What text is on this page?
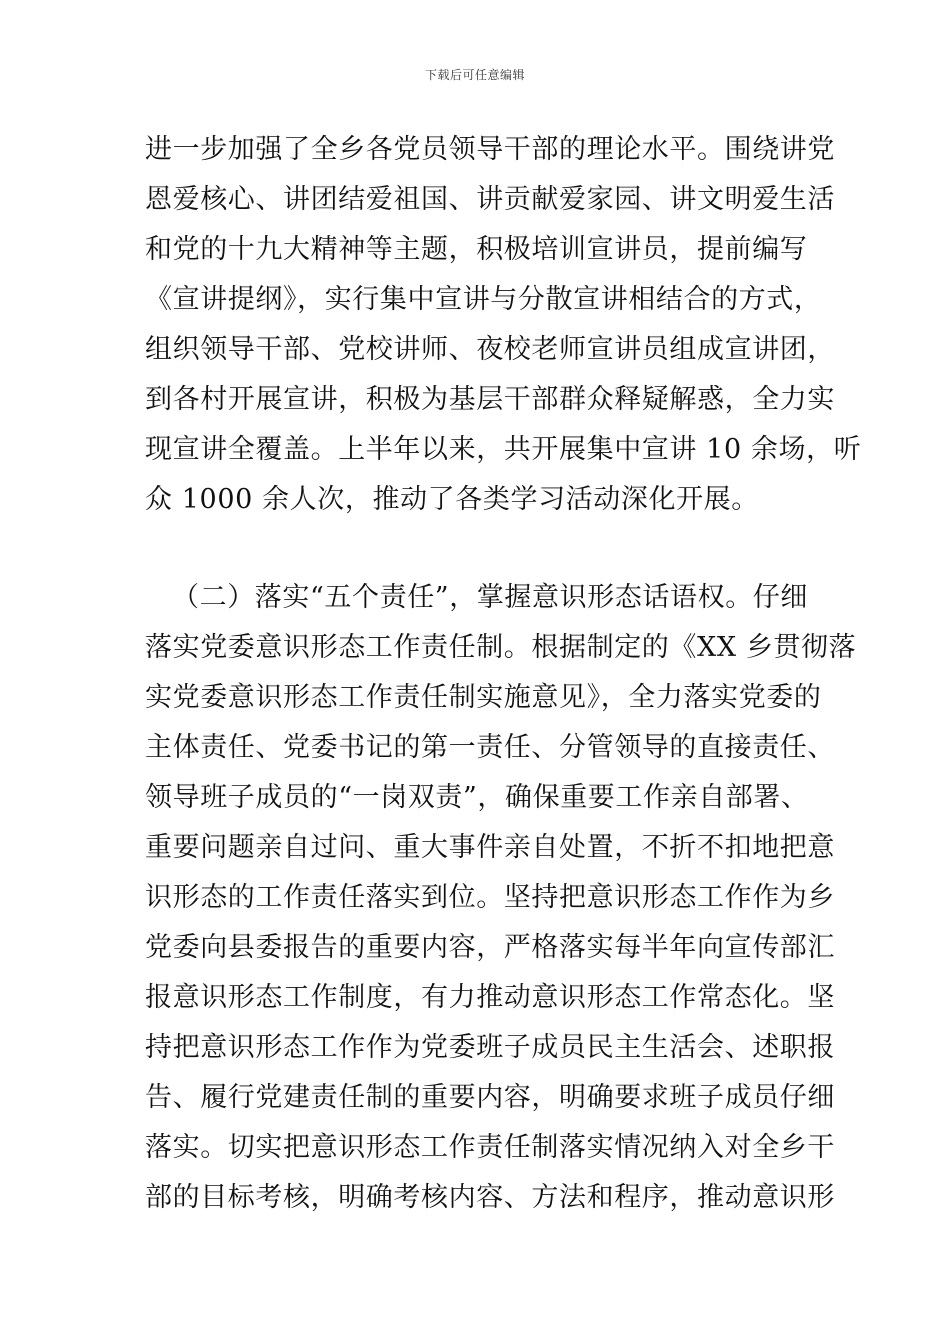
下载后可任意编辑
进一步加强了全乡各党员领导干部的理论水平。围绕讲党
恩爱核心、讲团结爱祖国、讲贡献爱家园、讲文明爱生活
和党的十九大精神等主题，积极培训宣讲员，提前编写
《宣讲提纲》，实行集中宣讲与分散宣讲相结合的方式，
组织领导干部、党校讲师、夜校老师宣讲员组成宣讲团，
到各村开展宣讲，积极为基层干部群众释疑解惑，全力实
现宣讲全覆盖。上半年以来，共开展集中宣讲 10 余场，听
众 1000 余人次，推动了各类学习活动深化开展。
（二）落实“五个责任”，掌握意识形态话语权。仔细
落实党委意识形态工作责任制。根据制定的《XX 乡贯彻落
实党委意识形态工作责任制实施意见》，全力落实党委的
主体责任、党委书记的第一责任、分管领导的直接责任、
领导班子成员的“一岗双责”，确保重要工作亲自部署、
重要问题亲自过问、重大事件亲自处置，不折不扣地把意
识形态的工作责任落实到位。坚持把意识形态工作作为乡
党委向县委报告的重要内容，严格落实每半年向宣传部汇
报意识形态工作制度，有力推动意识形态工作常态化。坚
持把意识形态工作作为党委班子成员民主生活会、述职报
告、履行党建责任制的重要内容，明确要求班子成员仔细
落实。切实把意识形态工作责任制落实情况纳入对全乡干
部的目标考核，明确考核内容、方法和程序，推动意识形
